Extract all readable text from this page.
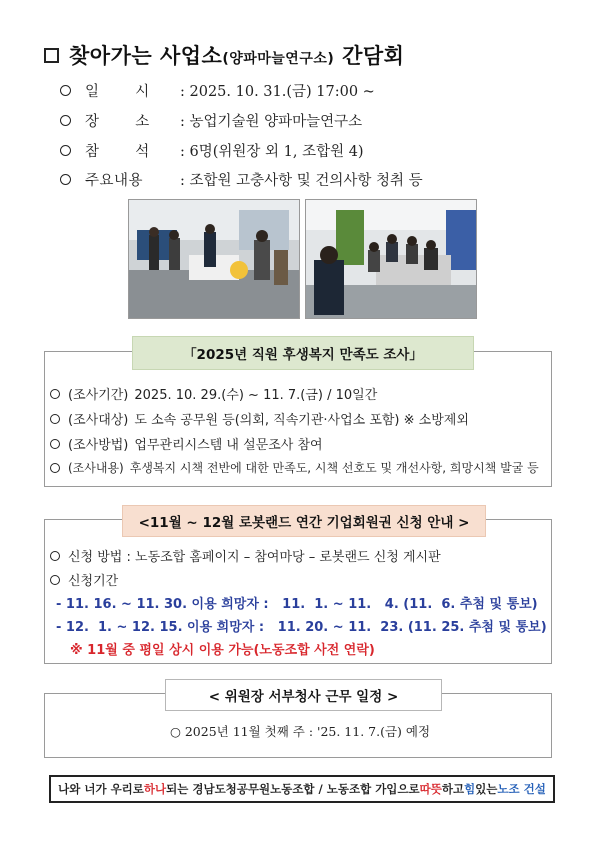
찾아가는 사업소(양파마늘연구소) 간담회
일       시	: 2025. 10. 31.(금) 17:00 ~
장       소	: 농업기술원 양파마늘연구소
참       석	: 6명(위원장 외 1, 조합원 4)
주요내용	: 조합원 고충사항 및 건의사항 청취 등
「2025년 직원 후생복지 만족도 조사」
(조사기간) 2025. 10. 29.(수) ~ 11. 7.(금) / 10일간
(조사대상) 도 소속 공무원 등(의회, 직속기관·사업소 포함) ※ 소방제외
(조사방법) 업무관리시스템 내 설문조사 참여
(조사내용) 후생복지 시책 전반에 대한 만족도, 시책 선호도 및 개선사항, 희망시책 발굴 등
<11월 ~ 12월 로봇랜드 연간 기업회원권 신청 안내 >
신청 방법 : 노동조합 홈페이지 – 참여마당 – 로봇랜드 신청 게시판
신청기간
- 11. 16. ~ 11. 30. 이용 희망자 :   11.  1. ~ 11.   4. (11.  6. 추첨 및 통보)
- 12.  1. ~ 12. 15. 이용 희망자 :   11. 20. ~ 11.  23. (11. 25. 추첨 및 통보)
※ 11월 중 평일 상시 이용 가능(노동조합 사전 연락)
< 위원장 서부청사 근무 일정 >
○ 2025년 11월 첫째 주 : '25. 11. 7.(금) 예정
나와 너가 우리로 하나 되는 경남도청공무원노동조합 / 노동조합 가입으로 따뜻 하고 힘 있는 노조 건설
